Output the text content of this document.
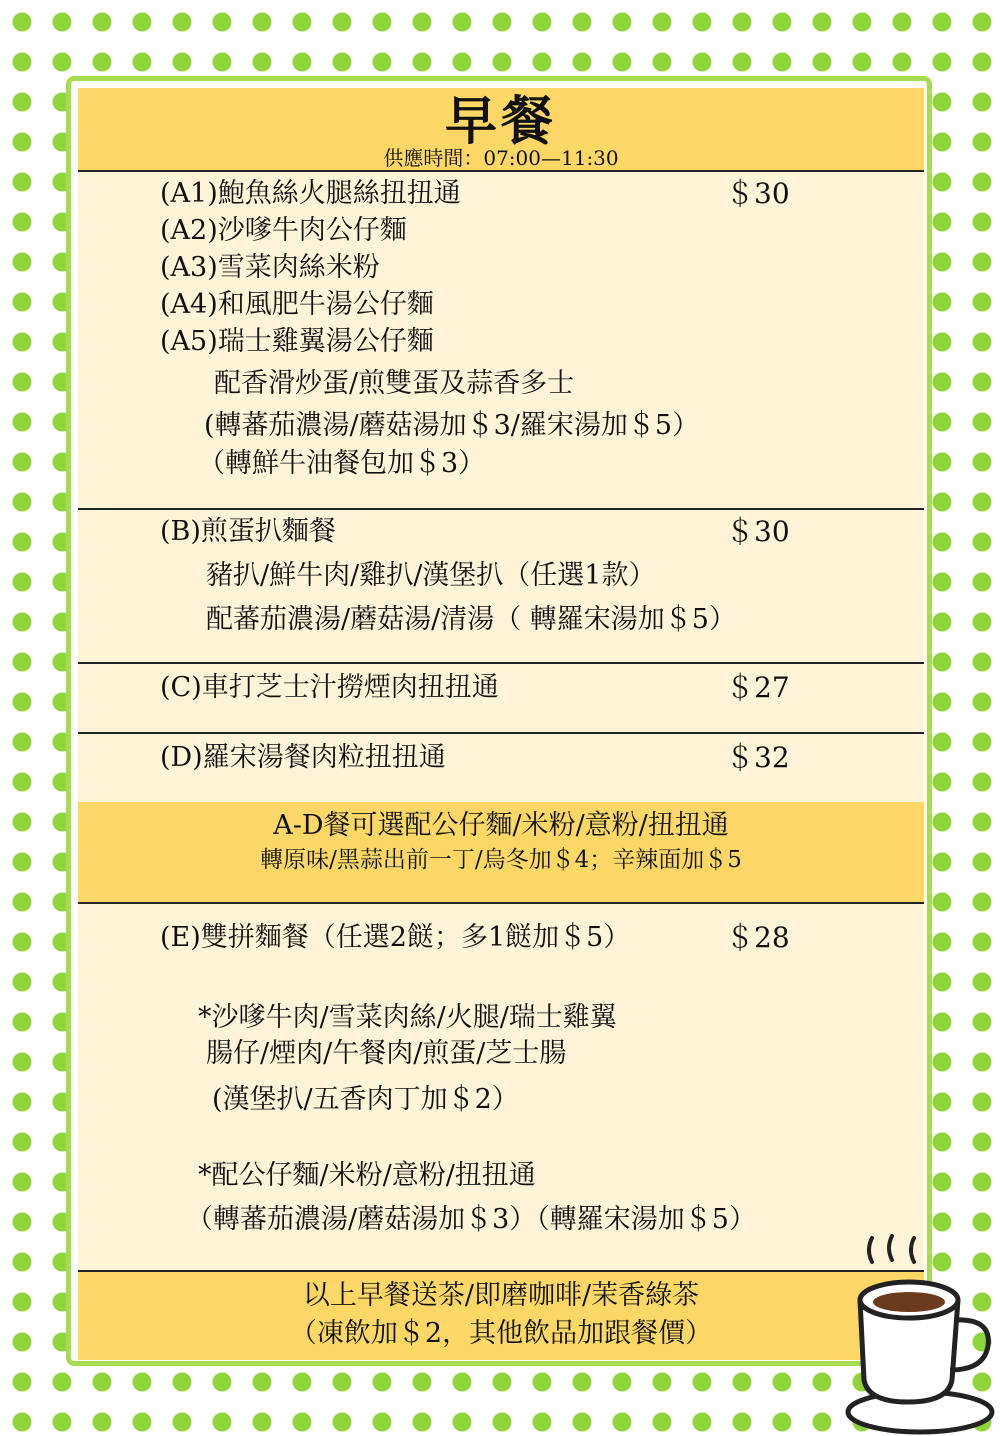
早餐
供應時間：07:00—11:30
(A1)鮑魚絲火腿絲扭扭通	＄30
(A2)沙嗲牛肉公仔麵
(A3)雪菜肉絲米粉
(A4)和風肥牛湯公仔麵
(A5)瑞士雞翼湯公仔麵
配香滑炒蛋/煎雙蛋及蒜香多士
(轉蕃茄濃湯/蘑菇湯加＄3/羅宋湯加＄5）
（轉鮮牛油餐包加＄3）
(B)煎蛋扒麵餐	＄30
豬扒/鮮牛肉/雞扒/漢堡扒（任選1款）
配蕃茄濃湯/蘑菇湯/清湯（ 轉羅宋湯加＄5）
(C)車打芝士汁撈煙肉扭扭通	＄27
(D)羅宋湯餐肉粒扭扭通	＄32
A-D餐可選配公仔麵/米粉/意粉/扭扭通
轉原味/黑蒜出前一丁/烏冬加＄4；辛辣面加＄5
(E)雙拼麵餐（任選2餸；多1餸加＄5）	＄28
*沙嗲牛肉/雪菜肉絲/火腿/瑞士雞翼
腸仔/煙肉/午餐肉/煎蛋/芝士腸
(漢堡扒/五香肉丁加＄2）
*配公仔麵/米粉/意粉/扭扭通
（轉蕃茄濃湯/蘑菇湯加＄3）（轉羅宋湯加＄5）
以上早餐送茶/即磨咖啡/茉香綠茶
（凍飲加＄2，其他飲品加跟餐價）
